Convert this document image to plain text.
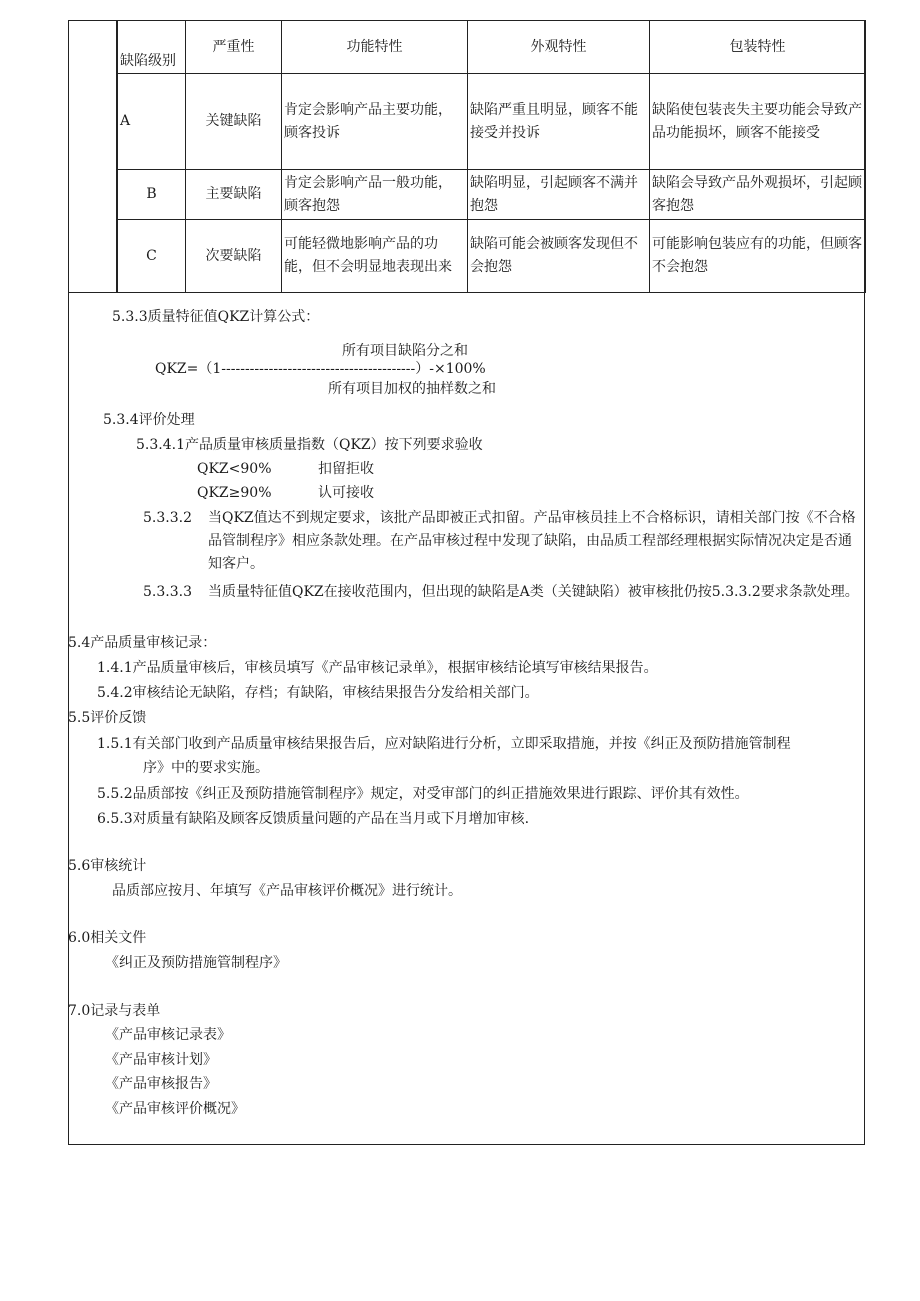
缺陷级别	严重性	功能特性	外观特性	包装特性
A	关键缺陷	肯定会影响产品主要功能，顾客投诉	缺陷严重且明显，顾客不能接受并投诉	缺陷使包装丧失主要功能会导致产品功能损坏，顾客不能接受
B	主要缺陷	肯定会影响产品一般功能，顾客抱怨	缺陷明显，引起顾客不满并抱怨	缺陷会导致产品外观损坏，引起顾客抱怨
C	次要缺陷	可能轻微地影响产品的功能，但不会明显地表现出来	缺陷可能会被顾客发现但不会抱怨	可能影响包装应有的功能，但顾客不会抱怨
5.3.3质量特征值QKZ计算公式：
所有项目缺陷分之和
QKZ=（1-----------------------------------------）-×100%
所有项目加权的抽样数之和
5.3.4评价处理
5.3.4.1产品质量审核质量指数（QKZ）按下列要求验收
QKZ<90%	扣留拒收
QKZ≥90%	认可接收
5.3.3.2 当QKZ值达不到规定要求，该批产品即被正式扣留。产品审核员挂上不合格标识，请相关部门按《不合格品管制程序》相应条款处理。在产品审核过程中发现了缺陷，由品质工程部经理根据实际情况决定是否通知客户。
5.3.3.3 当质量特征值QKZ在接收范围内，但出现的缺陷是A类（关键缺陷）被审核批仍按5.3.3.2要求条款处理。
5.4产品质量审核记录：
1.4.1产品质量审核后，审核员填写《产品审核记录单》，根据审核结论填写审核结果报告。
5.4.2审核结论无缺陷，存档；有缺陷，审核结果报告分发给相关部门。
5.5评价反馈
1.5.1有关部门收到产品质量审核结果报告后，应对缺陷进行分析，立即采取措施，并按《纠正及预防措施管制程
序》中的要求实施。
5.5.2品质部按《纠正及预防措施管制程序》规定，对受审部门的纠正措施效果进行跟踪、评价其有效性。
6.5.3对质量有缺陷及顾客反馈质量问题的产品在当月或下月增加审核.
5.6审核统计
品质部应按月、年填写《产品审核评价概况》进行统计。
6.0相关文件
《纠正及预防措施管制程序》
7.0记录与表单
《产品审核记录表》
《产品审核计划》
《产品审核报告》
《产品审核评价概况》
